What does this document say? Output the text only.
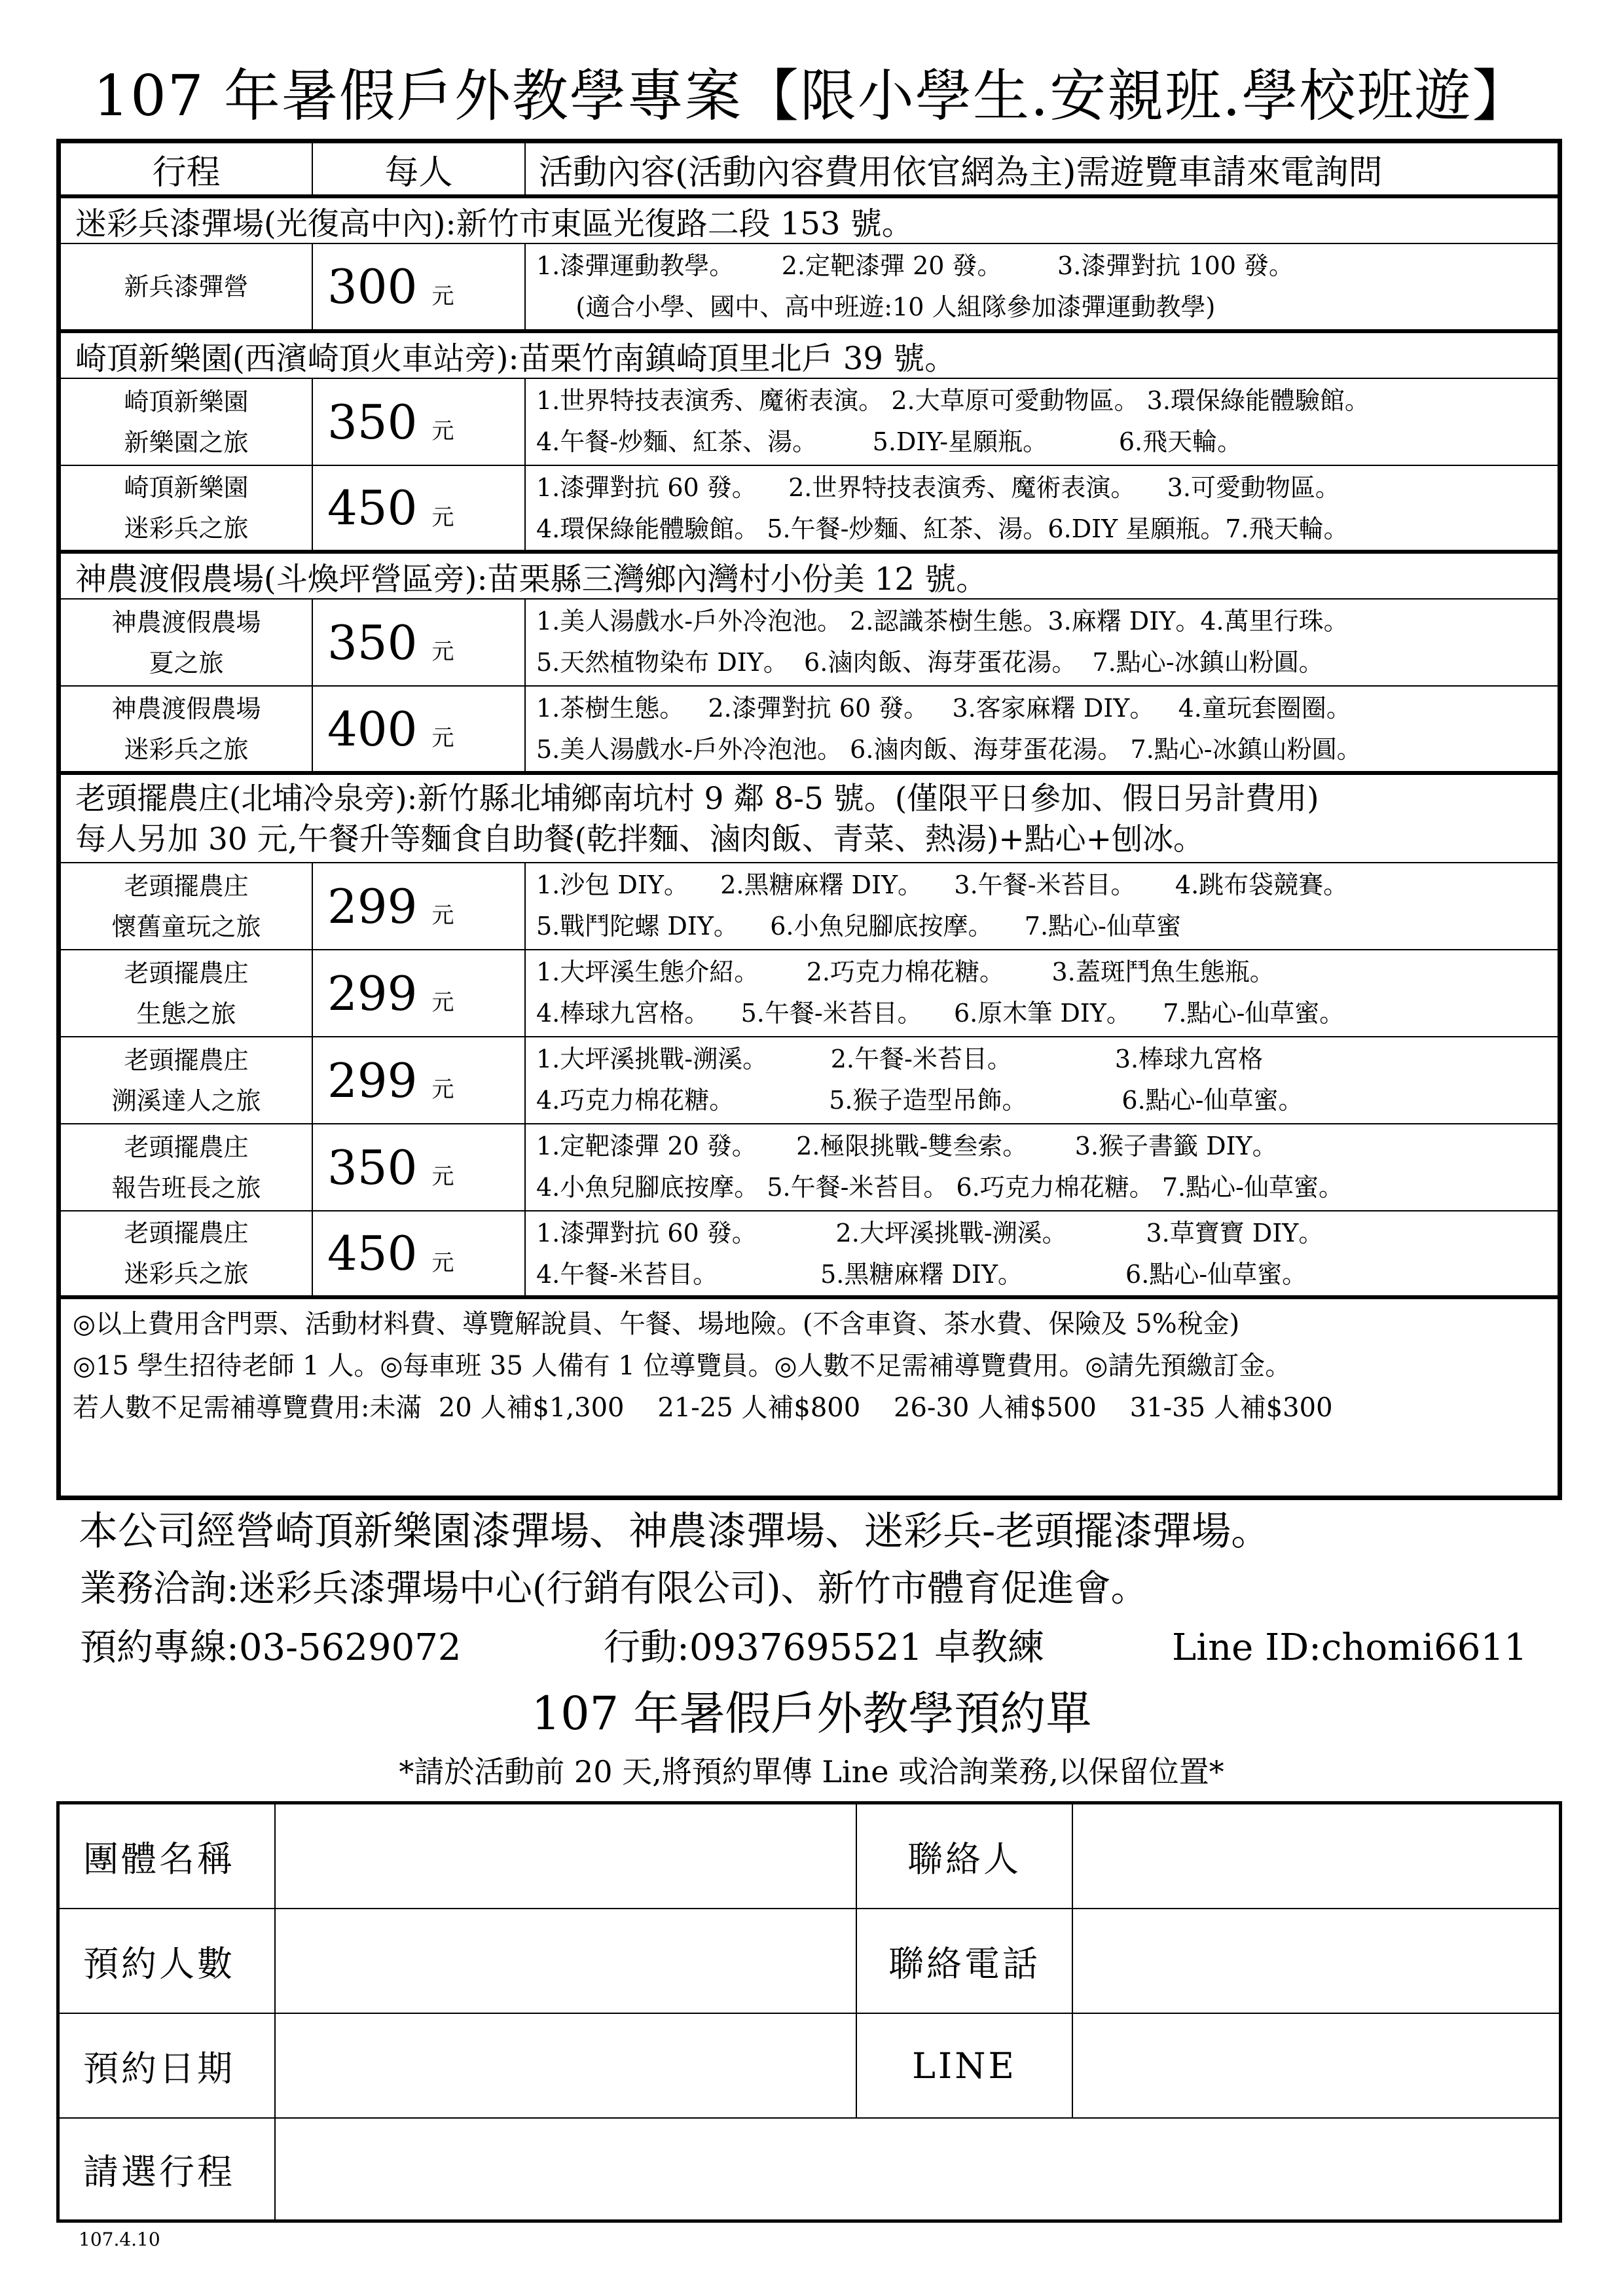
107 年暑假戶外教學專案【限小學生.安親班.學校班遊】
行程	每人	活動內容(活動內容費用依官網為主)需遊覽車請來電詢問
迷彩兵漆彈場(光復高中內):新竹市東區光復路二段 153 號。
新兵漆彈營 300 元
1.漆彈運動教學。      2.定靶漆彈 20 發。       3.漆彈對抗 100 發。
(適合小學、國中、高中班遊:10 人組隊參加漆彈運動教學)
崎頂新樂園(西濱崎頂火車站旁):苗栗竹南鎮崎頂里北戶 39 號。
崎頂新樂園
新樂園之旅 350 元
1.世界特技表演秀、魔術表演。 2.大草原可愛動物區。 3.環保綠能體驗館。
4.午餐-炒麵、紅茶、湯。       5.DIY-星願瓶。         6.飛天輪。
崎頂新樂園
迷彩兵之旅 450 元
1.漆彈對抗 60 發。    2.世界特技表演秀、魔術表演。    3.可愛動物區。
4.環保綠能體驗館。 5.午餐-炒麵、紅茶、湯。6.DIY 星願瓶。7.飛天輪。
神農渡假農場(斗煥坪營區旁):苗栗縣三灣鄉內灣村小份美 12 號。
神農渡假農場
夏之旅 350 元
1.美人湯戲水-戶外冷泡池。 2.認識茶樹生態。3.麻糬 DIY。4.萬里行珠。
5.天然植物染布 DIY。  6.滷肉飯、海芽蛋花湯。  7.點心-冰鎮山粉圓。
神農渡假農場
迷彩兵之旅 400 元
1.茶樹生態。   2.漆彈對抗 60 發。   3.客家麻糬 DIY。   4.童玩套圈圈。
5.美人湯戲水-戶外冷泡池。 6.滷肉飯、海芽蛋花湯。 7.點心-冰鎮山粉圓。
老頭擺農庄(北埔冷泉旁):新竹縣北埔鄉南坑村 9 鄰 8-5 號。(僅限平日參加、假日另計費用)
每人另加 30 元,午餐升等麵食自助餐(乾拌麵、滷肉飯、青菜、熱湯)+點心+刨冰。
老頭擺農庄
懷舊童玩之旅 299 元
1.沙包 DIY。    2.黑糖麻糬 DIY。    3.午餐-米苔目。     4.跳布袋競賽。
5.戰鬥陀螺 DIY。    6.小魚兒腳底按摩。    7.點心-仙草蜜
老頭擺農庄
生態之旅 299 元
1.大坪溪生態介紹。      2.巧克力棉花糖。      3.蓋斑鬥魚生態瓶。
4.棒球九宮格。    5.午餐-米苔目。    6.原木筆 DIY。    7.點心-仙草蜜。
老頭擺農庄
溯溪達人之旅 299 元
1.大坪溪挑戰-溯溪。        2.午餐-米苔目。             3.棒球九宮格
4.巧克力棉花糖。            5.猴子造型吊飾。            6.點心-仙草蜜。
老頭擺農庄
報告班長之旅 350 元
1.定靶漆彈 20 發。     2.極限挑戰-雙叁索。      3.猴子書籤 DIY。
4.小魚兒腳底按摩。 5.午餐-米苔目。 6.巧克力棉花糖。 7.點心-仙草蜜。
老頭擺農庄
迷彩兵之旅 450 元
1.漆彈對抗 60 發。          2.大坪溪挑戰-溯溪。          3.草寶寶 DIY。
4.午餐-米苔目。             5.黑糖麻糬 DIY。             6.點心-仙草蜜。
◎以上費用含門票、活動材料費、導覽解說員、午餐、場地險。(不含車資、茶水費、保險及 5%稅金)
◎15 學生招待老師 1 人。◎每車班 35 人備有 1 位導覽員。◎人數不足需補導覽費用。◎請先預繳訂金。
若人數不足需補導覽費用:未滿  20 人補$1,300    21-25 人補$800    26-30 人補$500    31-35 人補$300
本公司經營崎頂新樂園漆彈場、神農漆彈場、迷彩兵-老頭擺漆彈場。
業務洽詢:迷彩兵漆彈場中心(行銷有限公司)、新竹市體育促進會。
預約專線:03-5629072	行動:0937695521 卓教練	Line ID:chomi6611
107 年暑假戶外教學預約單
*請於活動前 20 天,將預約單傳 Line 或洽詢業務,以保留位置*
團體名稱	聯絡人
預約人數	聯絡電話
預約日期	LINE
請選行程
107.4.10
